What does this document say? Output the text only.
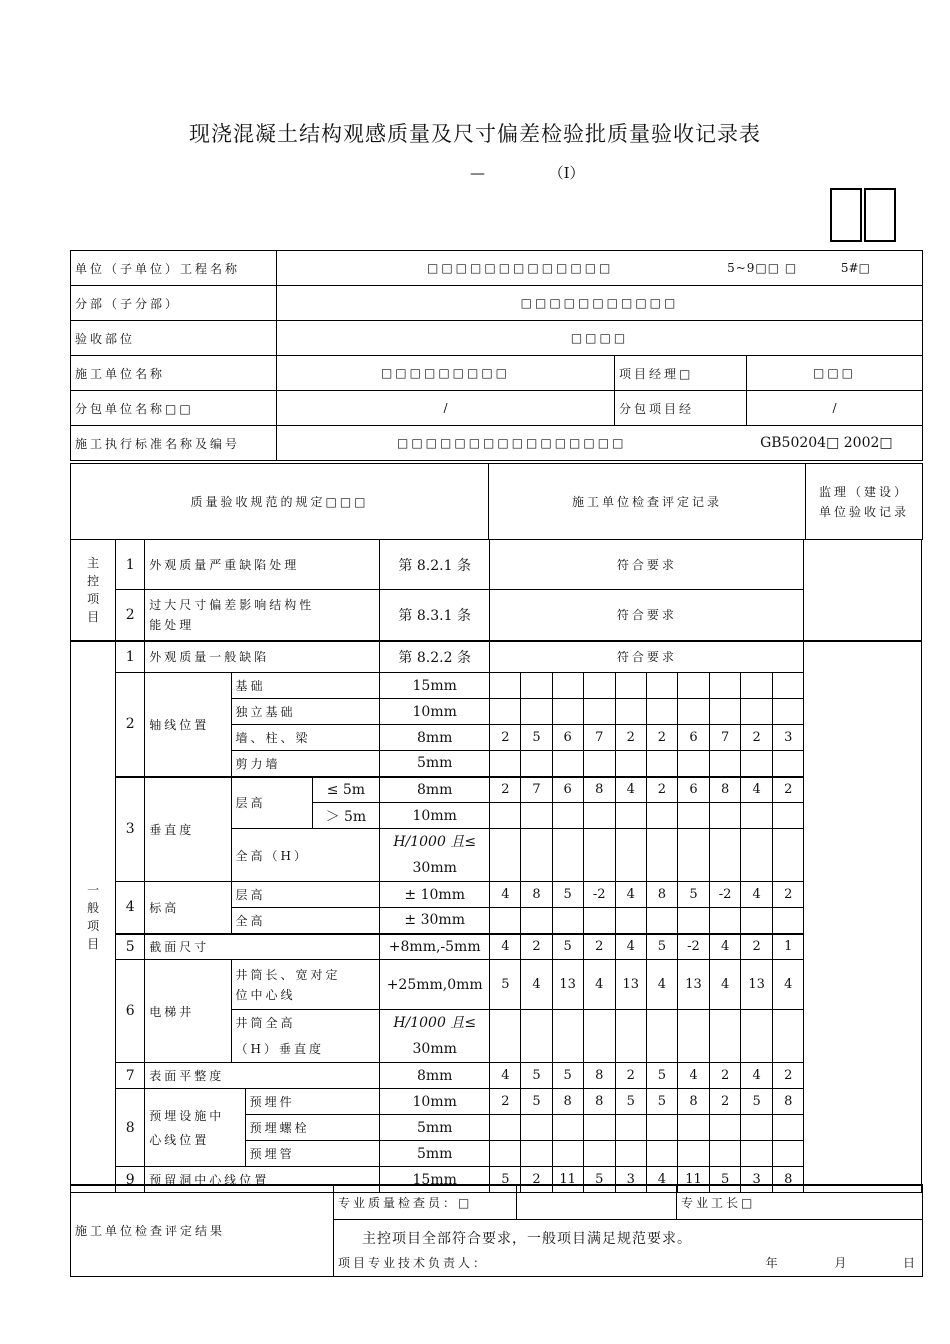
现浇混凝土结构观感质量及尺寸偏差检验批质量验收记录表
—	（Ⅰ）
单位（子单位）工程名称	□□□□□□□□□□□□□ 5~9□□ □ 5#□		
分部（子分部）	□□□□□□□□□□□		
验收部位	□□□□		
施工单位名称	□□□□□□□□□	项目经理□	□□□
分包单位名称□□	/	分包项目经	/
施工执行标准名称及编号	□□□□□□□□□□□□□□□□ GB50204□ 2002□		
质量验收规范的规定□□□	施工单位检查评定记录	监理（建设）单位验收记录
主控项目	1	外观质量严重缺陷处理				第 8.2.1 条	符合要求										
	2	过大尺寸偏差影响结构性能处理				第 8.3.1 条	符合要求										
一般项目	1	外观质量一般缺陷				第 8.2.2 条	符合要求										
	2	轴线位置	基础			15mm											
			独立基础			10mm											
			墙、柱、梁			8mm	2	5	6	7	2	2	6	7	2	3	
			剪力墙			5mm											
	3	垂直度	层高		≤ 5m	8mm	2	7	6	8	4	2	6	8	4	2	
					＞ 5m	10mm											
			全高（H）			H/1000 且≤
30mm											

	4	标高	层高			± 10mm	4	8	5	-2	4	8	5	-2	4	2	
			全高			± 30mm											
	5	截面尺寸				+8mm,-5mm	4	2	5	2	4	5	-2	4	2	1	
	6	电梯井	井筒长、宽对定位中心线			+25mm,0mm	5	4	13	4	13	4	13	4	13	4	
			井筒全高
（H）垂直度			H/1000 且≤
30mm											
	7	表面平整度				8mm	4	5	5	8	2	5	4	2	4	2	
	8	预埋设施中心线位置		预埋件		10mm	2	5	8	8	5	5	8	2	5	8	
				预埋螺栓		5mm											
				预埋管		5mm											
	9	预留洞中心线位置				15mm	5	2	11	5	3	4	11	5	3	8	
施工单位检查评定结果	专业质量检查员：□		专业工长□

主控项目全部符合要求，一般项目满足规范要求。
项目专业技术负责人：	年	月	日
